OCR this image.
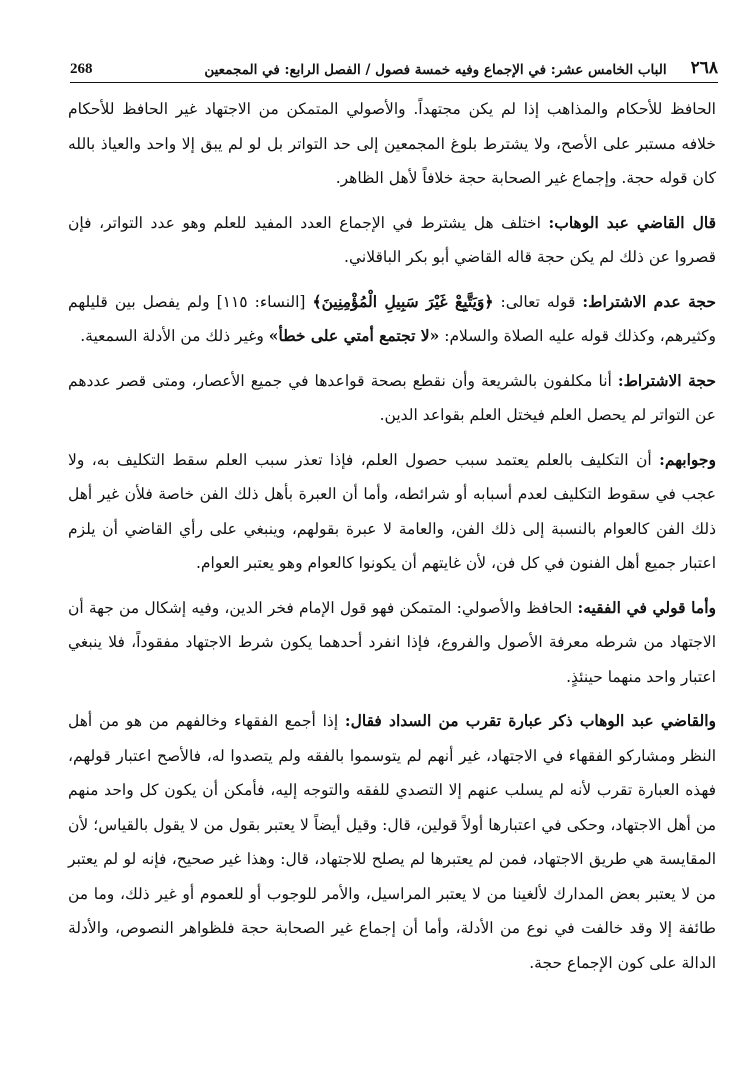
268	الباب الخامس عشر: في الإجماع وفيه خمسة فصول / الفصل الرابع: في المجمعين	٢٦٨

الحافظ للأحكام والمذاهب إذا لم يكن مجتهداً. والأصولي المتمكن من الاجتهاد غير الحافظ للأحكام خلافه مستبر على الأصح، ولا يشترط بلوغ المجمعين إلى حد التواتر بل لو لم يبق إلا واحد والعياذ بالله كان قوله حجة. وإجماع غير الصحابة حجة خلافاً لأهل الظاهر.

قال القاضي عبد الوهاب: اختلف هل يشترط في الإجماع العدد المفيد للعلم وهو عدد التواتر، فإن قصروا عن ذلك لم يكن حجة قاله القاضي أبو بكر الباقلاني.

حجة عدم الاشتراط: قوله تعالى: ﴿وَيَتَّبِعْ غَيْرَ سَبِيلِ الْمُؤْمِنِينَ﴾ [النساء: ١١٥] ولم يفصل بين قليلهم وكثيرهم، وكذلك قوله عليه الصلاة والسلام: «لا تجتمع أمتي على خطأ» وغير ذلك من الأدلة السمعية.

حجة الاشتراط: أنا مكلفون بالشريعة وأن نقطع بصحة قواعدها في جميع الأعصار، ومتى قصر عددهم عن التواتر لم يحصل العلم فيختل العلم بقواعد الدين.

وجوابهم: أن التكليف بالعلم يعتمد سبب حصول العلم، فإذا تعذر سبب العلم سقط التكليف به، ولا عجب في سقوط التكليف لعدم أسبابه أو شرائطه، وأما أن العبرة بأهل ذلك الفن خاصة فلأن غير أهل ذلك الفن كالعوام بالنسبة إلى ذلك الفن، والعامة لا عبرة بقولهم، وينبغي على رأي القاضي أن يلزم اعتبار جميع أهل الفنون في كل فن، لأن غايتهم أن يكونوا كالعوام وهو يعتبر العوام.

وأما قولي في الفقيه: الحافظ والأصولي: المتمكن فهو قول الإمام فخر الدين، وفيه إشكال من جهة أن الاجتهاد من شرطه معرفة الأصول والفروع، فإذا انفرد أحدهما يكون شرط الاجتهاد مفقوداً، فلا ينبغي اعتبار واحد منهما حينئذٍ.

والقاضي عبد الوهاب ذكر عبارة تقرب من السداد فقال: إذا أجمع الفقهاء وخالفهم من هو من أهل النظر ومشاركو الفقهاء في الاجتهاد، غير أنهم لم يتوسموا بالفقه ولم يتصدوا له، فالأصح اعتبار قولهم، فهذه العبارة تقرب لأنه لم يسلب عنهم إلا التصدي للفقه والتوجه إليه، فأمكن أن يكون كل واحد منهم من أهل الاجتهاد، وحكى في اعتبارها أولاً قولين، قال: وقيل أيضاً لا يعتبر بقول من لا يقول بالقياس؛ لأن المقايسة هي طريق الاجتهاد، فمن لم يعتبرها لم يصلح للاجتهاد، قال: وهذا غير صحيح، فإنه لو لم يعتبر من لا يعتبر بعض المدارك لألغينا من لا يعتبر المراسيل، والأمر للوجوب أو للعموم أو غير ذلك، وما من طائفة إلا وقد خالفت في نوع من الأدلة، وأما أن إجماع غير الصحابة حجة فلظواهر النصوص، والأدلة الدالة على كون الإجماع حجة.
